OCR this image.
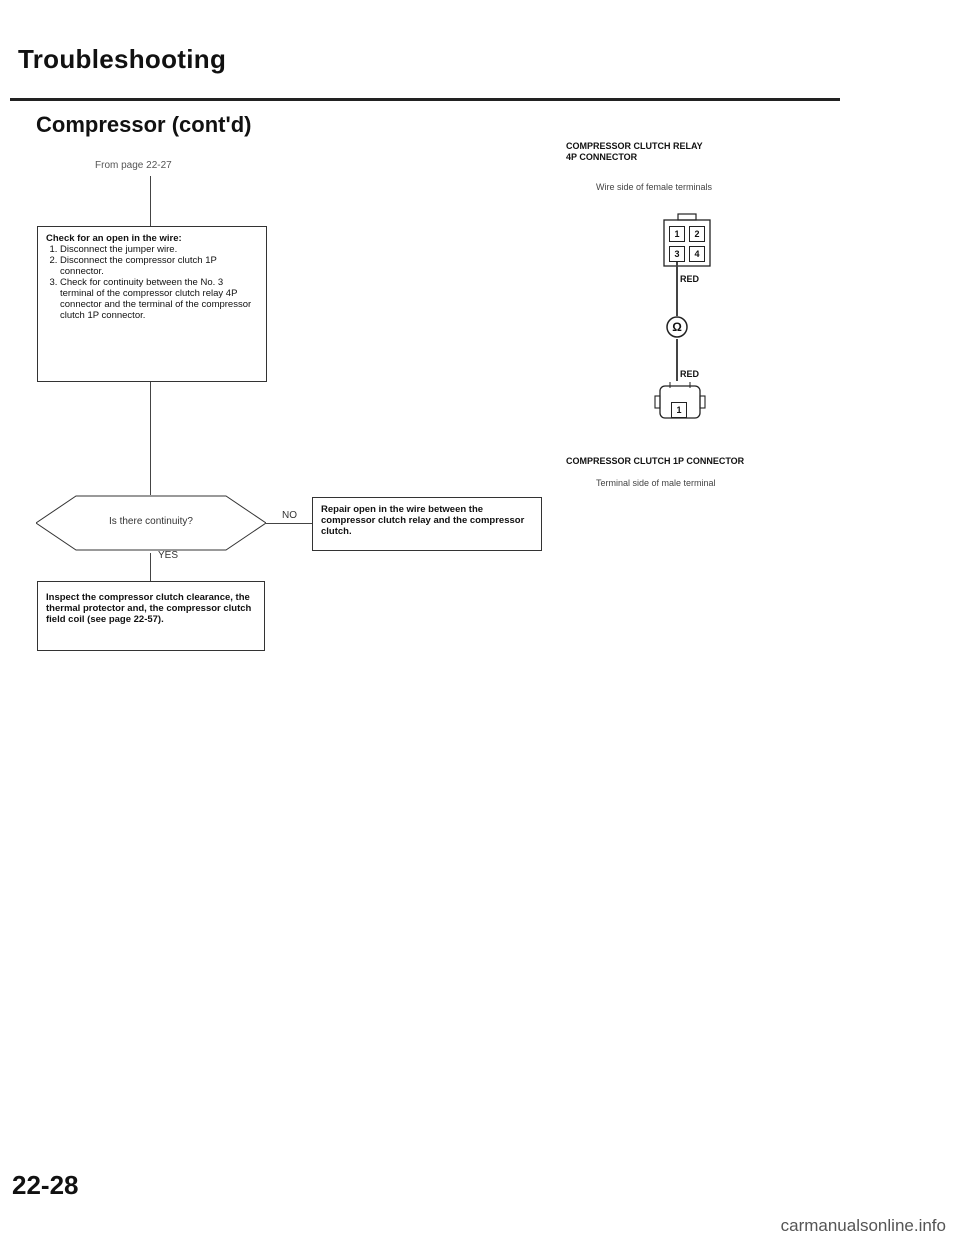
Troubleshooting
Compressor (cont'd)
From page 22-27
Check for an open in the wire:
1. Disconnect the jumper wire.
2. Disconnect the compressor clutch 1P connector.
3. Check for continuity between the No. 3 terminal of the compressor clutch relay 4P connector and the terminal of the compressor clutch 1P connector.
Is there continuity?
NO
Repair open in the wire between the compressor clutch relay and the compressor clutch.
YES
Inspect the compressor clutch clearance, the thermal protector and, the compressor clutch field coil (see page 22-57).
COMPRESSOR CLUTCH RELAY
4P CONNECTOR
Wire side of female terminals
1	2
3	4
RED
Ω
RED
1
COMPRESSOR CLUTCH 1P CONNECTOR
Terminal side of male terminal
22-28
carmanualsonline.info
